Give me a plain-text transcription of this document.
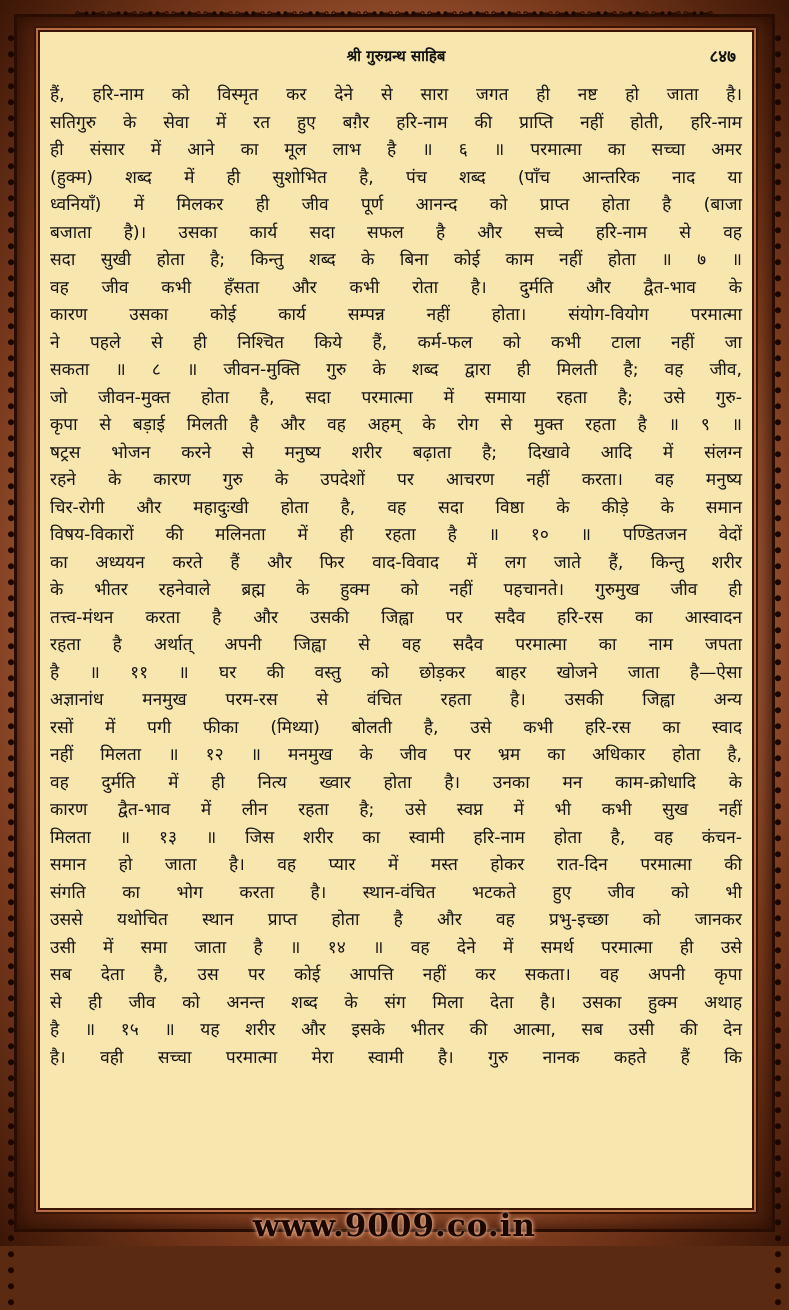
⊶⊷⊶⊷⊶⊷⊶⊷⊶⊷⊶⊷⊶⊷⊶⊷⊶⊷⊶⊷⊶⊷⊶⊷⊶⊷⊶⊷⊶⊷⊶⊷⊶⊷⊶⊷⊶⊷⊶⊷
⦁
⦁
⦁
⦁
⦁
⦁
⦁
⦁
⦁
⦁
⦁
⦁
⦁
⦁
⦁
⦁
⦁
⦁
⦁
⦁
⦁
⦁
⦁
⦁
⦁
⦁
⦁
⦁
⦁
⦁
⦁
⦁
⦁
⦁
⦁
⦁
⦁
⦁
⦁
⦁
⦁
⦁
⦁
⦁
⦁
⦁
⦁
⦁
⦁
⦁
⦁
⦁
⦁
⦁
⦁
⦁
⦁
⦁
⦁
⦁
⦁
⦁
⦁
⦁
⦁
⦁
⦁
⦁
⦁
⦁
⦁
⦁
⦁
⦁
⦁
⦁
⦁
⦁
⦁
⦁

⦁
⦁
⦁
⦁
⦁
⦁
⦁
⦁
⦁
⦁
⦁
⦁
⦁
⦁
⦁
⦁
⦁
⦁
⦁
⦁
⦁
⦁
⦁
⦁
⦁
⦁
⦁
⦁
⦁
⦁
⦁
⦁
⦁
⦁
⦁
⦁
⦁
⦁
⦁
⦁
⦁
⦁
⦁
⦁
⦁
⦁
⦁
⦁
⦁
⦁
⦁
⦁
⦁
⦁
⦁
⦁
⦁
⦁
⦁
⦁
⦁
⦁
⦁
⦁
⦁
⦁
⦁
⦁
⦁
⦁
⦁
⦁
⦁
⦁
⦁
⦁
⦁
⦁
⦁
⦁

श्री गुरुग्रन्थ साहिब	८४७
हैं, हरि-नाम को विस्मृत कर देने से सारा जगत ही नष्ट हो जाता है।
सतिगुरु के सेवा में रत हुए बग़ैर हरि-नाम की प्राप्ति नहीं होती, हरि-नाम
ही संसार में आने का मूल लाभ है ॥ ६ ॥ परमात्मा का सच्चा अमर
(हुक्म) शब्द में ही सुशोभित है, पंच शब्द (पाँच आन्तरिक नाद या
ध्वनियाँ) में मिलकर ही जीव पूर्ण आनन्द को प्राप्त होता है (बाजा
बजाता है)। उसका कार्य सदा सफल है और सच्चे हरि-नाम से वह
सदा सुखी होता है; किन्तु शब्द के बिना कोई काम नहीं होता ॥ ७ ॥
वह जीव कभी हँसता और कभी रोता है। दुर्मति और द्वैत-भाव के
कारण उसका कोई कार्य सम्पन्न नहीं होता। संयोग-वियोग परमात्मा
ने पहले से ही निश्चित किये हैं, कर्म-फल को कभी टाला नहीं जा
सकता ॥ ८ ॥ जीवन-मुक्ति गुरु के शब्द द्वारा ही मिलती है; वह जीव,
जो जीवन-मुक्त होता है, सदा परमात्मा में समाया रहता है; उसे गुरु-
कृपा से बड़ाई मिलती है और वह अहम् के रोग से मुक्त रहता है ॥ ९ ॥
षट्रस भोजन करने से मनुष्य शरीर बढ़ाता है; दिखावे आदि में संलग्न
रहने के कारण गुरु के उपदेशों पर आचरण नहीं करता। वह मनुष्य
चिर-रोगी और महादुःखी होता है, वह सदा विष्ठा के कीड़े के समान
विषय-विकारों की मलिनता में ही रहता है ॥ १० ॥ पण्डितजन वेदों
का अध्ययन करते हैं और फिर वाद-विवाद में लग जाते हैं, किन्तु शरीर
के भीतर रहनेवाले ब्रह्म के हुक्म को नहीं पहचानते। गुरुमुख जीव ही
तत्त्व-मंथन करता है और उसकी जिह्वा पर सदैव हरि-रस का आस्वादन
रहता है अर्थात् अपनी जिह्वा से वह सदैव परमात्मा का नाम जपता
है ॥ ११ ॥ घर की वस्तु को छोड़कर बाहर खोजने जाता है—ऐसा
अज्ञानांध मनमुख परम-रस से वंचित रहता है। उसकी जिह्वा अन्य
रसों में पगी फीका (मिथ्या) बोलती है, उसे कभी हरि-रस का स्वाद
नहीं मिलता ॥ १२ ॥ मनमुख के जीव पर भ्रम का अधिकार होता है,
वह दुर्मति में ही नित्य ख्वार होता है। उनका मन काम-क्रोधादि के
कारण द्वैत-भाव में लीन रहता है; उसे स्वप्न में भी कभी सुख नहीं
मिलता ॥ १३ ॥ जिस शरीर का स्वामी हरि-नाम होता है, वह कंचन-
समान हो जाता है। वह प्यार में मस्त होकर रात-दिन परमात्मा की
संगति का भोग करता है। स्थान-वंचित भटकते हुए जीव को भी
उससे यथोचित स्थान प्राप्त होता है और वह प्रभु-इच्छा को जानकर
उसी में समा जाता है ॥ १४ ॥ वह देने में समर्थ परमात्मा ही उसे
सब देता है, उस पर कोई आपत्ति नहीं कर सकता। वह अपनी कृपा
से ही जीव को अनन्त शब्द के संग मिला देता है। उसका हुक्म अथाह
है ॥ १५ ॥ यह शरीर और इसके भीतर की आत्मा, सब उसी की देन
है। वही सच्चा परमात्मा मेरा स्वामी है। गुरु नानक कहते हैं कि
www.9009.co.in
